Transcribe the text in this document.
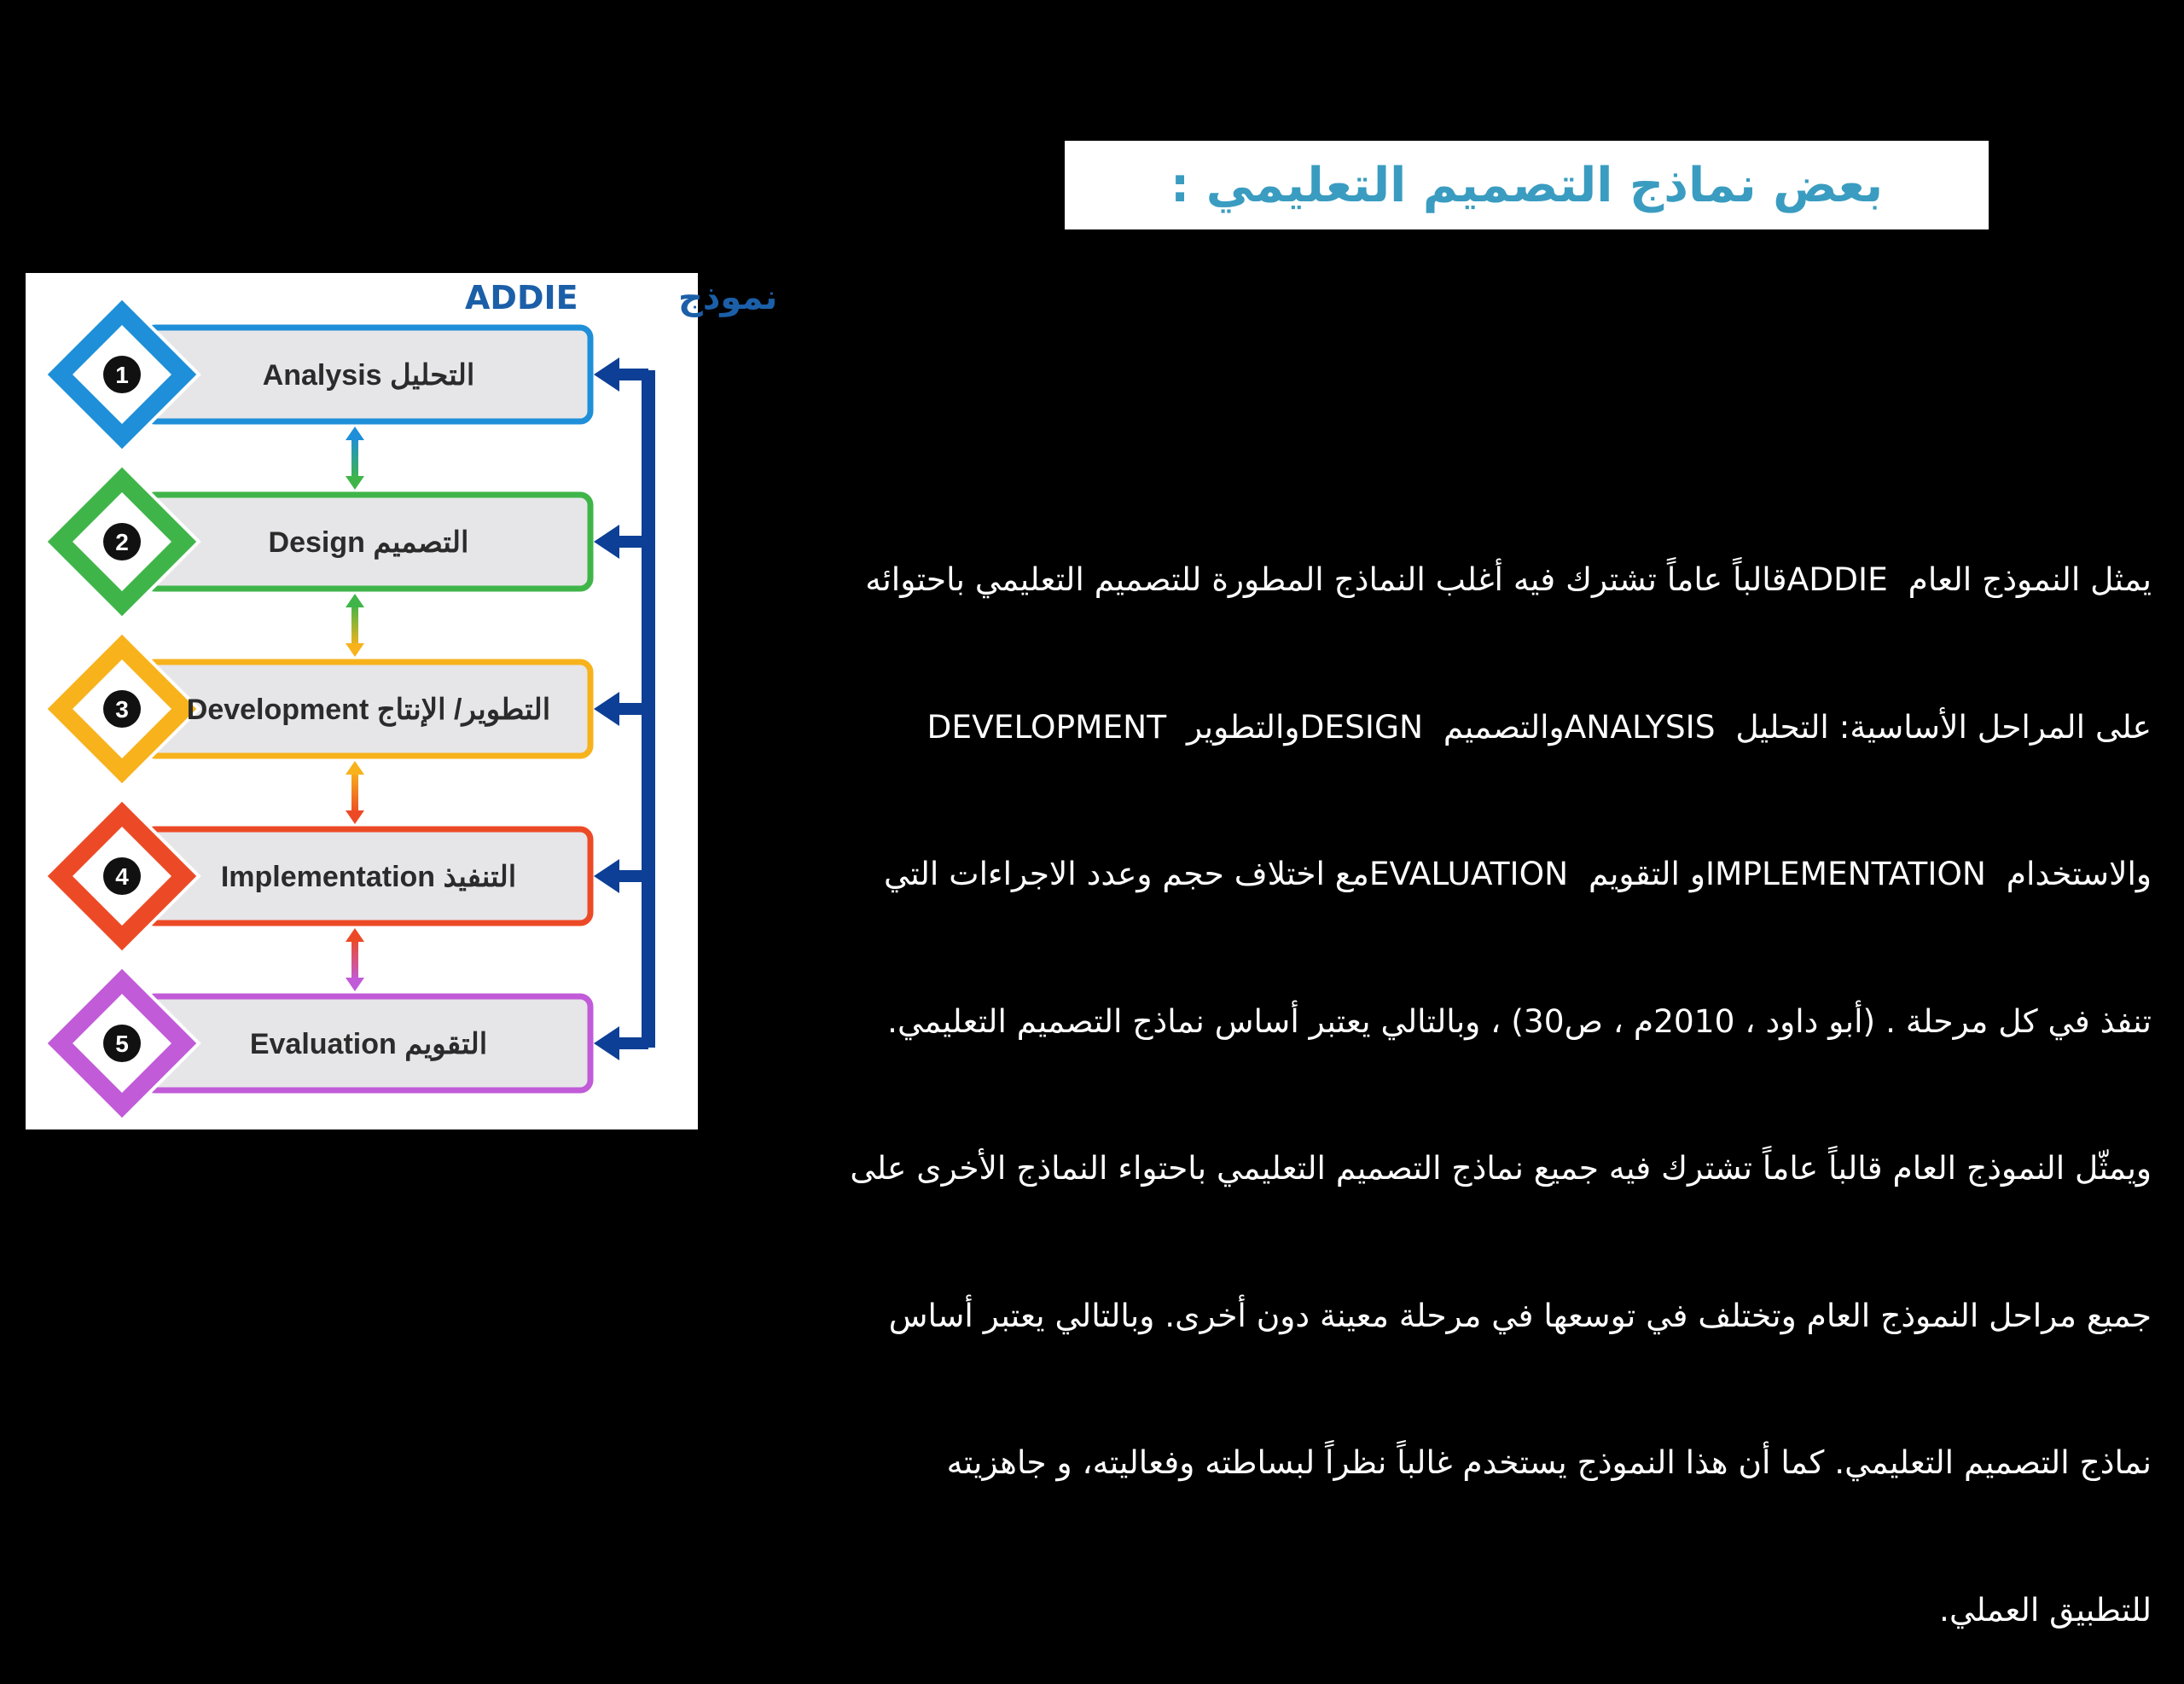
بعض نماذج التصميم التعليمي :

يمثل النموذج العام  ADDIEقالباً عاماً تشترك فيه أغلب النماذج المطورة للتصميم التعليمي باحتوائه

على المراحل الأساسية: التحليل  ANALYSISوالتصميم  DESIGNوالتطوير  DEVELOPMENT

والاستخدام  IMPLEMENTATIONو التقويم  EVALUATIONمع اختلاف حجم وعدد الاجراءات التي

تنفذ في كل مرحلة . (أبو داود ، 2010م ، ص30) ، وبالتالي يعتبر أساس نماذج التصميم التعليمي.

ويمثّل النموذج العام قالباً عاماً تشترك فيه جميع نماذج التصميم التعليمي باحتواء النماذج الأخرى على

جميع مراحل النموذج العام وتختلف في توسعها في مرحلة معينة دون أخرى. وبالتالي يعتبر أساس

نماذج التصميم التعليمي. كما أن هذا النموذج يستخدم غالباً نظراً لبساطته وفعاليته، و جاهزيته

للتطبيق العملي.

نموذج
ADDIE
1	Analysis التحليل
2	Design التصميم
3 Development التطوير/ الإنتاج
4	Implementation التنفيذ
5	Evaluation التقويم
